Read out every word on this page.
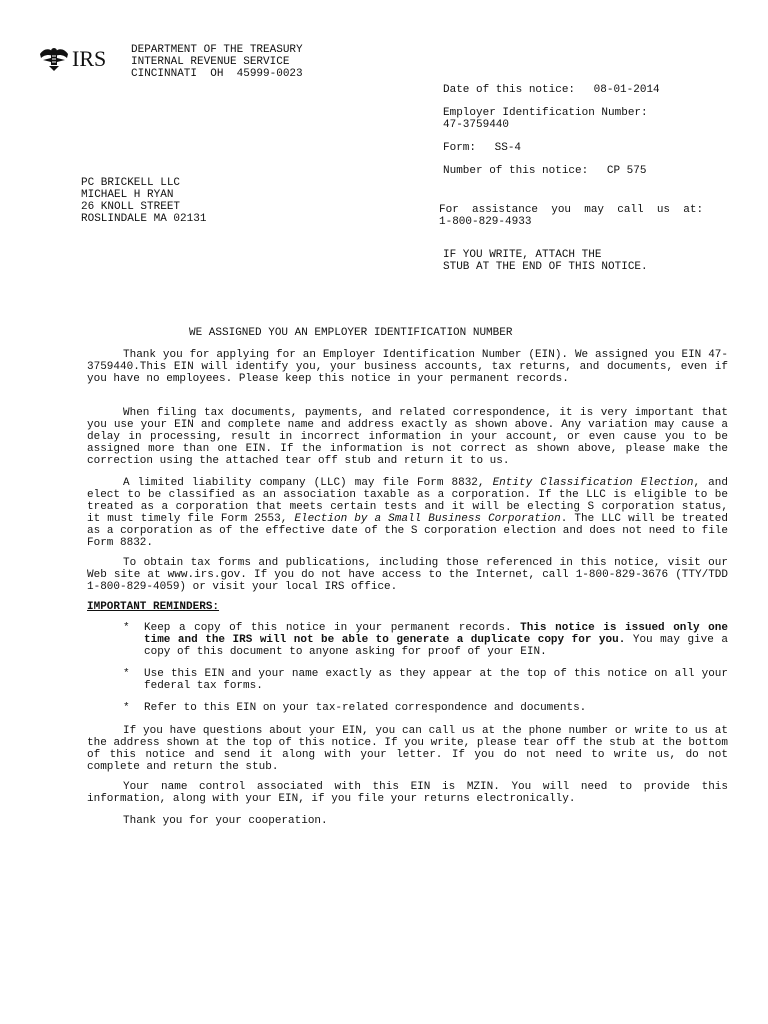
IRS DEPARTMENT OF THE TREASURY
INTERNAL REVENUE SERVICE
CINCINNATI  OH  45999-0023
Date of this notice: 08-01-2014
Employer Identification Number:
47-3759440
Form: SS-4
Number of this notice: CP 575
PC BRICKELL LLC
MICHAEL H RYAN
26 KNOLL STREET
ROSLINDALE MA 02131
For  assistance  you  may  call  us  at:
1-800-829-4933
IF YOU WRITE, ATTACH THE
STUB AT THE END OF THIS NOTICE.
WE ASSIGNED YOU AN EMPLOYER IDENTIFICATION NUMBER
Thank you for applying for an Employer Identification Number (EIN). We assigned you EIN 47-3759440.This EIN will identify you, your business accounts, tax returns, and documents, even if you have no employees. Please keep this notice in your permanent records.
When filing tax documents, payments, and related correspondence, it is very important that you use your EIN and complete name and address exactly as shown above. Any variation may cause a delay in processing, result in incorrect information in your account, or even cause you to be assigned more than one EIN. If the information is not correct as shown above, please make the correction using the attached tear off stub and return it to us.
A limited liability company (LLC) may file Form 8832, Entity Classification Election, and elect to be classified as an association taxable as a corporation. If the LLC is eligible to be treated as a corporation that meets certain tests and it will be electing S corporation status, it must timely file Form 2553, Election by a Small Business Corporation. The LLC will be treated as a corporation as of the effective date of the S corporation election and does not need to file Form 8832.
To obtain tax forms and publications, including those referenced in this notice, visit our Web site at www.irs.gov. If you do not have access to the Internet, call 1-800-829-3676 (TTY/TDD 1-800-829-4059) or visit your local IRS office.
IMPORTANT REMINDERS:
* Keep a copy of this notice in your permanent records. This notice is issued only one time and the IRS will not be able to generate a duplicate copy for you. You may give a copy of this document to anyone asking for proof of your EIN.
* Use this EIN and your name exactly as they appear at the top of this notice on all your federal tax forms.
* Refer to this EIN on your tax-related correspondence and documents.
If you have questions about your EIN, you can call us at the phone number or write to us at the address shown at the top of this notice. If you write, please tear off the stub at the bottom of this notice and send it along with your letter. If you do not need to write us, do not complete and return the stub.
Your name control associated with this EIN is MZIN. You will need to provide this information, along with your EIN, if you file your returns electronically.
Thank you for your cooperation.
